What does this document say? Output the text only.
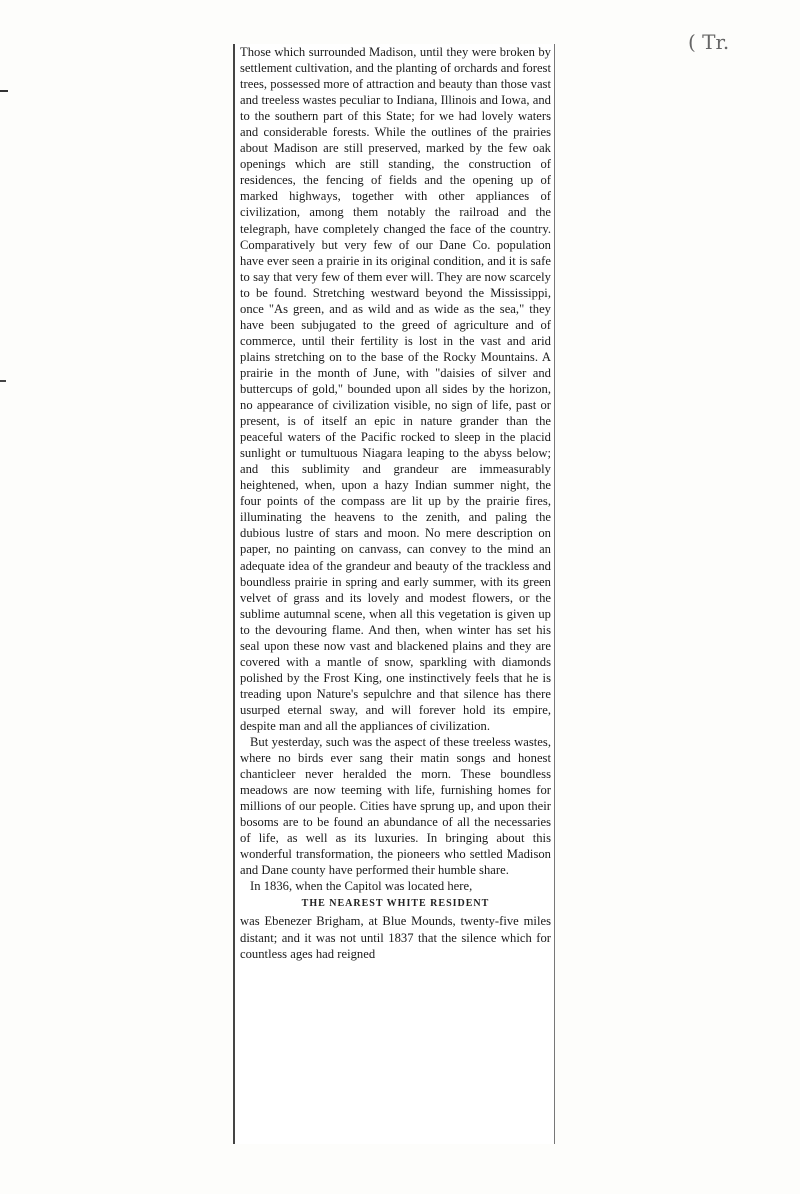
( Tr.

Those which surrounded Madison, until they were broken by settlement cultivation, and the planting of orchards and forest trees, possessed more of attraction and beauty than those vast and treeless wastes peculiar to Indiana, Illinois and Iowa, and to the southern part of this State; for we had lovely waters and considerable forests. While the outlines of the prairies about Madison are still preserved, marked by the few oak openings which are still standing, the construction of residences, the fencing of fields and the opening up of marked highways, together with other appliances of civilization, among them notably the railroad and the telegraph, have completely changed the face of the country. Comparatively but very few of our Dane Co. population have ever seen a prairie in its original condition, and it is safe to say that very few of them ever will. They are now scarcely to be found. Stretching westward beyond the Mississippi, once "As green, and as wild and as wide as the sea," they have been subjugated to the greed of agriculture and of commerce, until their fertility is lost in the vast and arid plains stretching on to the base of the Rocky Mountains. A prairie in the month of June, with "daisies of silver and buttercups of gold," bounded upon all sides by the horizon, no appearance of civilization visible, no sign of life, past or present, is of itself an epic in nature grander than the peaceful waters of the Pacific rocked to sleep in the placid sunlight or tumultuous Niagara leaping to the abyss below; and this sublimity and grandeur are immeasurably heightened, when, upon a hazy Indian summer night, the four points of the compass are lit up by the prairie fires, illuminating the heavens to the zenith, and paling the dubious lustre of stars and moon. No mere description on paper, no painting on canvass, can convey to the mind an adequate idea of the grandeur and beauty of the trackless and boundless prairie in spring and early summer, with its green velvet of grass and its lovely and modest flowers, or the sublime autumnal scene, when all this vegetation is given up to the devouring flame. And then, when winter has set his seal upon these now vast and blackened plains and they are covered with a mantle of snow, sparkling with diamonds polished by the Frost King, one instinctively feels that he is treading upon Nature's sepulchre and that silence has there usurped eternal sway, and will forever hold its empire, despite man and all the appliances of civilization.

But yesterday, such was the aspect of these treeless wastes, where no birds ever sang their matin songs and honest chanticleer never heralded the morn. These boundless meadows are now teeming with life, furnishing homes for millions of our people. Cities have sprung up, and upon their bosoms are to be found an abundance of all the necessaries of life, as well as its luxuries. In bringing about this wonderful transformation, the pioneers who settled Madison and Dane county have performed their humble share.

In 1836, when the Capitol was located here,

THE NEAREST WHITE RESIDENT

was Ebenezer Brigham, at Blue Mounds, twenty-five miles distant; and it was not until 1837 that the silence which for countless ages had reigned
